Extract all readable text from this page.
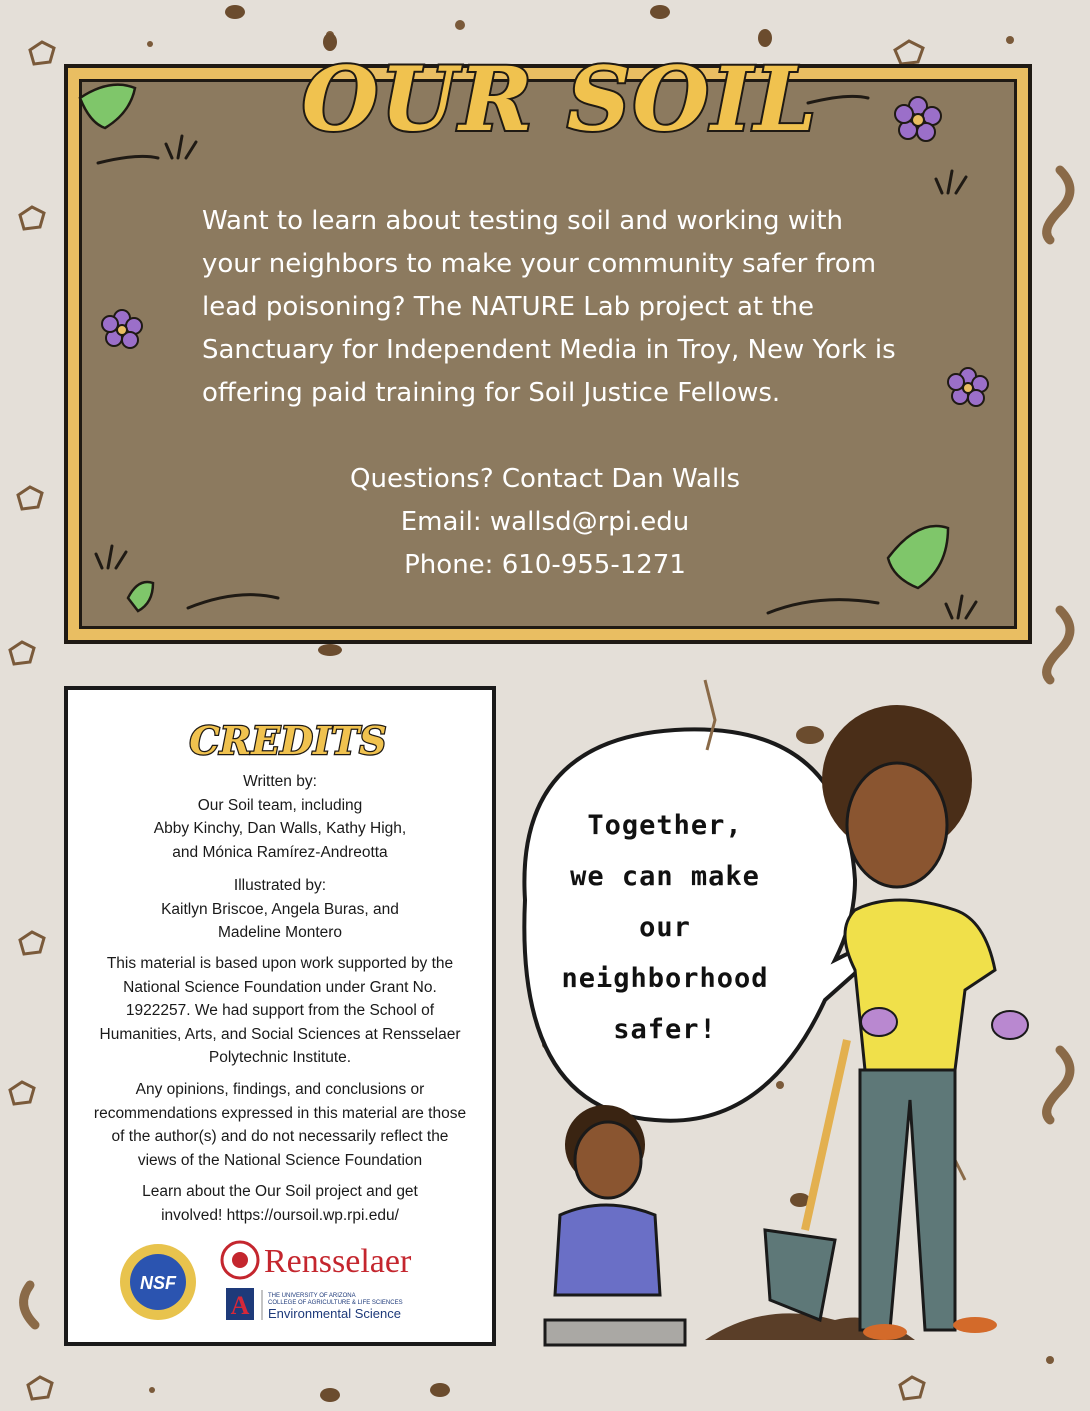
Want to learn about testing soil and working with your neighbors to make your community safer from lead poisoning? The NATURE Lab project at the Sanctuary for Independent Media in Troy, New York is offering paid training for Soil Justice Fellows.

OUR SOIL
Questions? Contact Dan Walls
Email: wallsd@rpi.edu
Phone: 610-955-1271
CREDITS
Written by:
Our Soil team, including
Abby Kinchy, Dan Walls, Kathy High,
and Mónica Ramírez-Andreotta
Illustrated by:
Kaitlyn Briscoe, Angela Buras, and
Madeline Montero
This material is based upon work supported by the
National Science Foundation under Grant No.
1922257. We had support from the School of
Humanities, Arts, and Social Sciences at Rensselaer
Polytechnic Institute.
Any opinions, findings, and conclusions or
recommendations expressed in this material are those
of the author(s) and do not necessarily reflect the
views of the National Science Foundation
Learn about the Our Soil project and get
involved! https://oursoil.wp.rpi.edu/
NSF
Rensselaer
A	THE UNIVERSITY OF ARIZONA
COLLEGE OF AGRICULTURE & LIFE SCIENCES
Environmental Science
Together,
we can make
our neighborhood
safer!
